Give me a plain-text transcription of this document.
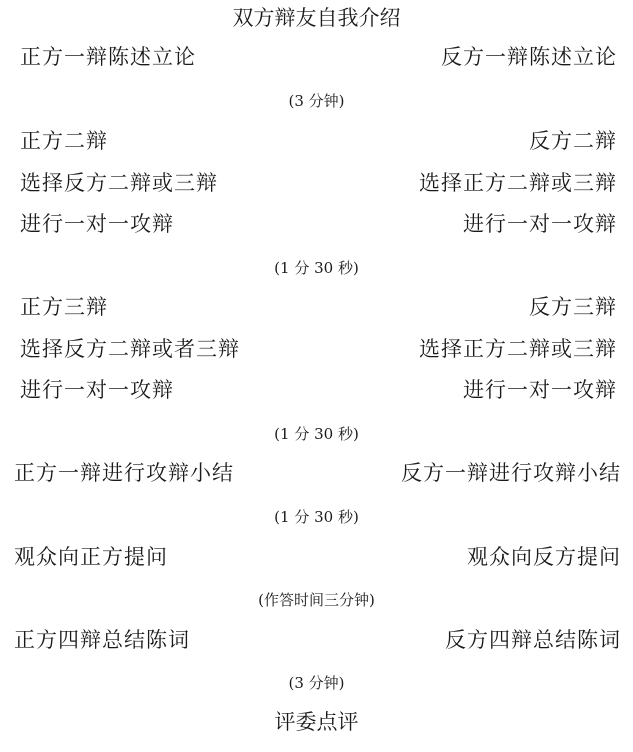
双方辩友自我介绍
正方一辩陈述立论	反方一辩陈述立论
(3 分钟)
正方二辩	反方二辩
选择反方二辩或三辩	选择正方二辩或三辩
进行一对一攻辩	进行一对一攻辩
(1 分 30 秒)
正方三辩	反方三辩
选择反方二辩或者三辩	选择正方二辩或三辩
进行一对一攻辩	进行一对一攻辩
(1 分 30 秒)
正方一辩进行攻辩小结	反方一辩进行攻辩小结
(1 分 30 秒)
观众向正方提问	观众向反方提问
(作答时间三分钟)
正方四辩总结陈词	反方四辩总结陈词
(3 分钟)
评委点评
